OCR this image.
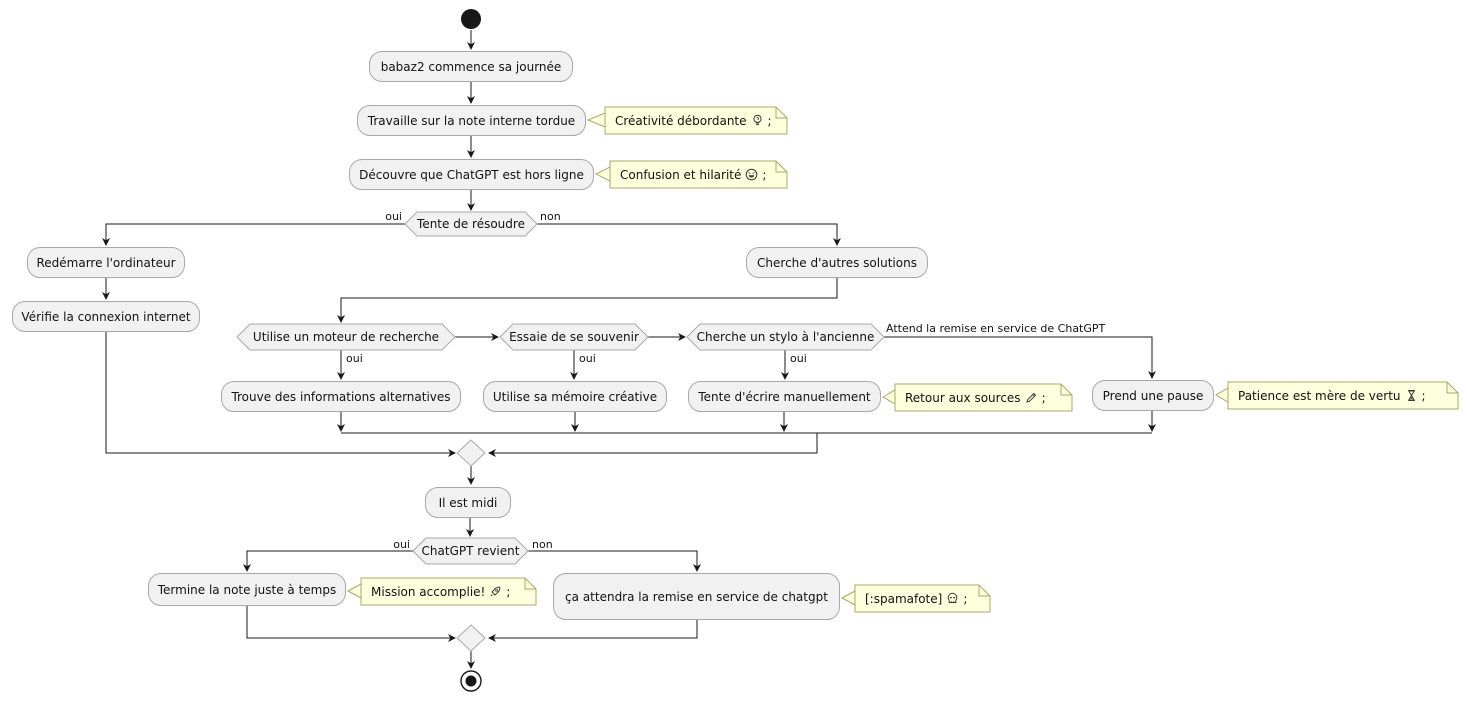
babaz2 commence sa journée
Travaille sur la note interne tordue
Découvre que ChatGPT est hors ligne
Redémarre l'ordinateur
Vérifie la connexion internet
Cherche d'autres solutions
Trouve des informations alternatives	Utilise sa mémoire créative	Tente d'écrire manuellement	Prend une pause
Il est midi
Termine la note juste à temps	ça attendra la remise en service de chatgpt
Tente de résoudre
Utilise un moteur de recherche	Essaie de se souvenir	Cherche un stylo à l'ancienne
ChatGPT revient
oui	non
oui	oui	oui
Attend la remise en service de ChatGPT
oui	non
Créativité débordante ;
Confusion et hilarité ;
Retour aux sources ;	Patience est mère de vertu ;
Mission accomplie! ;	[:spamafote] ;
